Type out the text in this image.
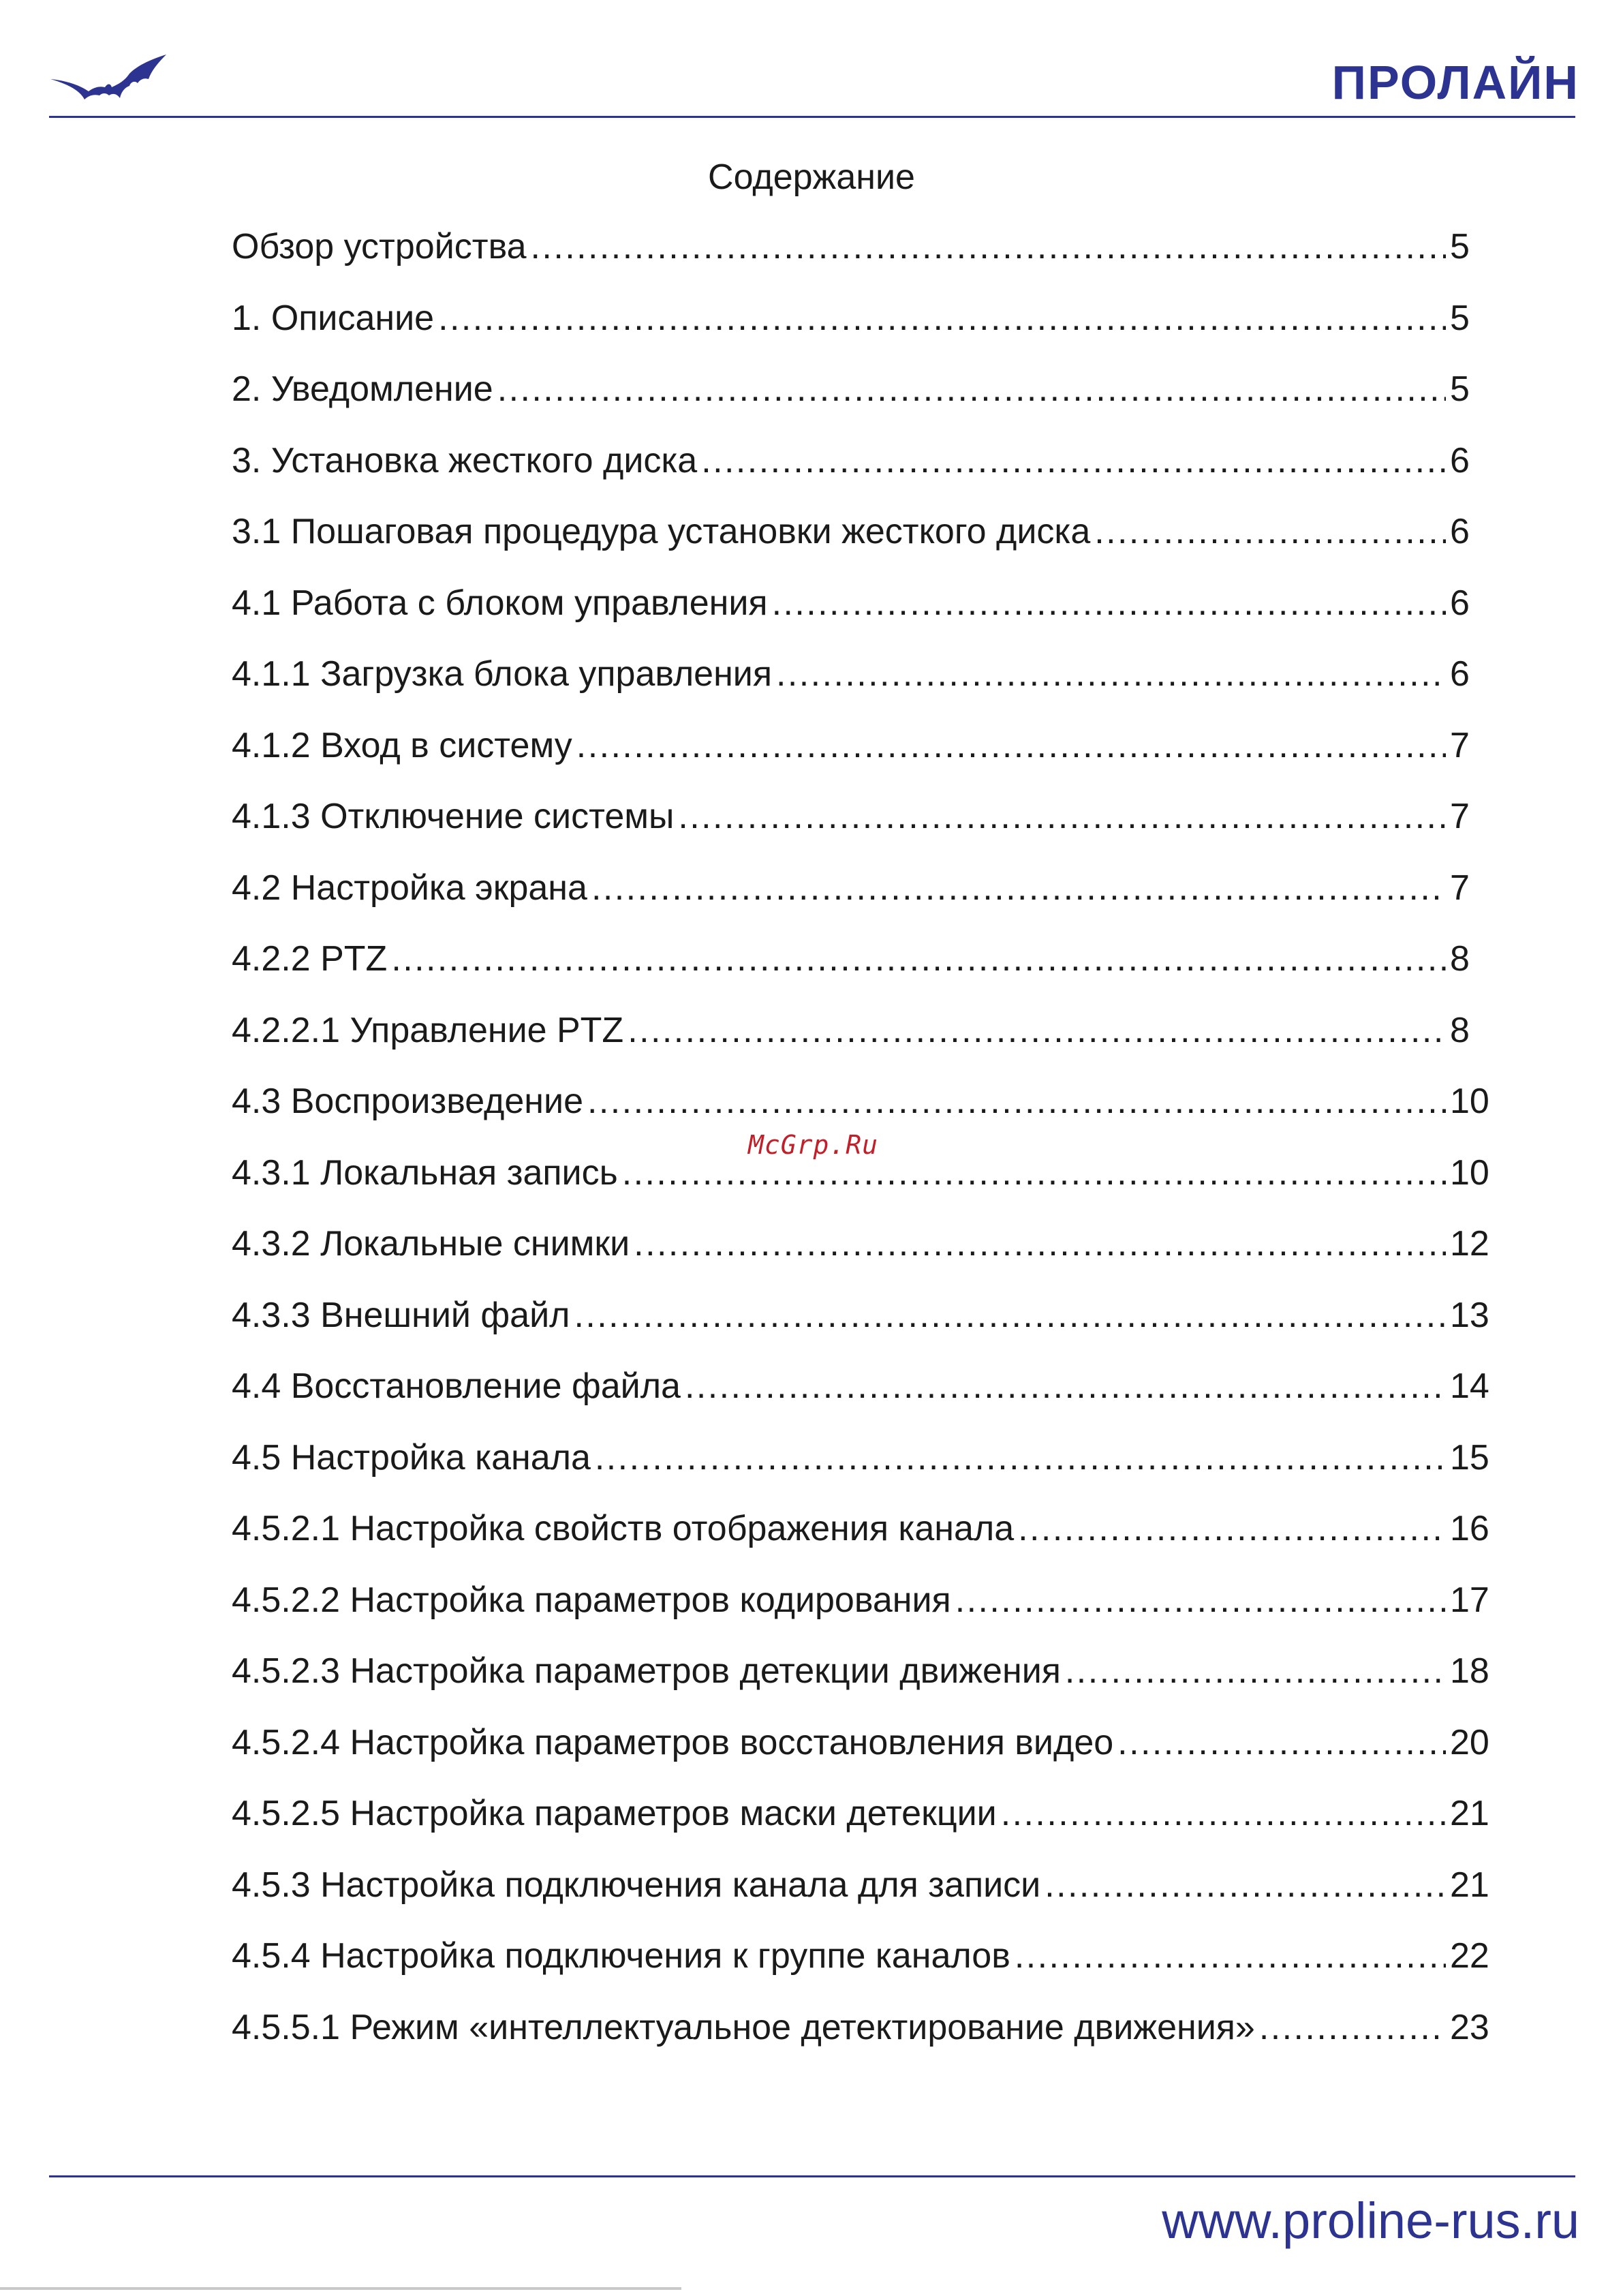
ПРОЛАЙН
Содержание
Обзор устройства . . .	5
1. Описание . . .	5
2. Уведомление . . .	5
3. Установка жесткого диска . . .	6
3.1 Пошаговая процедура установки жесткого диска . . .	6
4.1 Работа с блоком управления . . .	6
4.1.1 Загрузка блока управления . . .	6
4.1.2 Вход в систему . . .	7
4.1.3 Отключение системы . . .	7
4.2 Настройка экрана . . .	7
4.2.2 PTZ . . .	8
4.2.2.1 Управление PTZ . . .	8
4.3 Воспроизведение . . .	10
4.3.1 Локальная запись . . .	10
4.3.2 Локальные снимки . . .	12
4.3.3 Внешний файл . . .	13
4.4 Восстановление файла . . .	14
4.5 Настройка канала . . .	15
4.5.2.1 Настройка свойств отображения канала . . .	16
4.5.2.2 Настройка параметров кодирования . . .	17
4.5.2.3 Настройка параметров детекции движения . . .	18
4.5.2.4 Настройка параметров восстановления видео . . .	20
4.5.2.5 Настройка параметров маски детекции . . .	21
4.5.3 Настройка подключения канала для записи . . .	21
4.5.4 Настройка подключения к группе каналов . . .	22
4.5.5.1 Режим «интеллектуальное детектирование движения» . . .	23
McGrp.Ru
www.proline-rus.ru
